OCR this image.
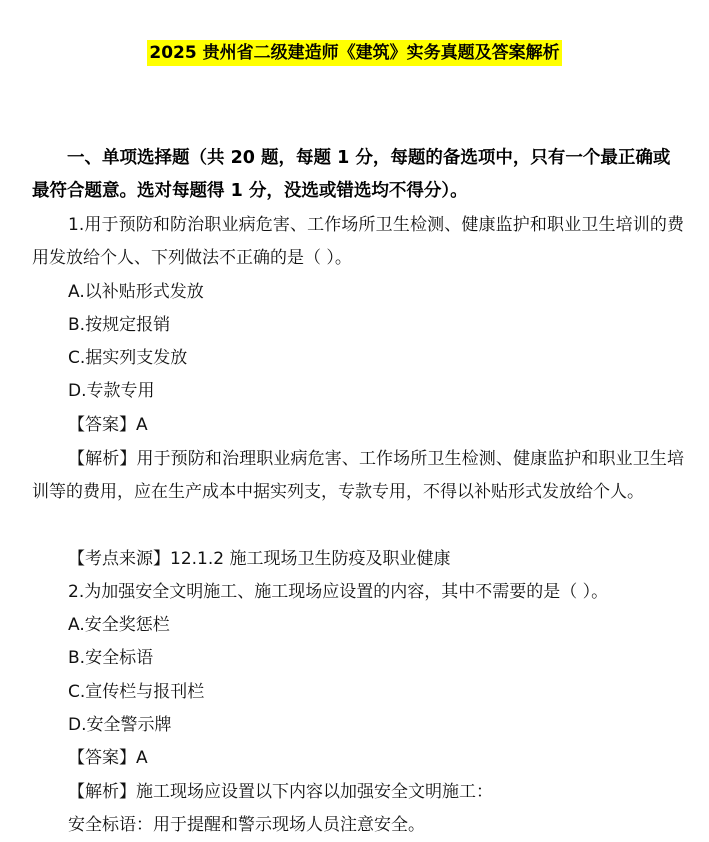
2025 贵州省二级建造师《建筑》实务真题及答案解析
一、单项选择题（共 20 题，每题 1 分，每题的备选项中，只有一个最正确或最符合题意。选对每题得 1 分，没选或错选均不得分）。
1.用于预防和防治职业病危害、工作场所卫生检测、健康监护和职业卫生培训的费用发放给个人、下列做法不正确的是（ ）。
A.以补贴形式发放
B.按规定报销
C.据实列支发放
D.专款专用
【答案】A
【解析】用于预防和治理职业病危害、工作场所卫生检测、健康监护和职业卫生培训等的费用，应在生产成本中据实列支，专款专用，不得以补贴形式发放给个人。
【考点来源】12.1.2 施工现场卫生防疫及职业健康
2.为加强安全文明施工、施工现场应设置的内容，其中不需要的是（ ）。
A.安全奖惩栏
B.安全标语
C.宣传栏与报刊栏
D.安全警示牌
【答案】A
【解析】施工现场应设置以下内容以加强安全文明施工：
安全标语：用于提醒和警示现场人员注意安全。
